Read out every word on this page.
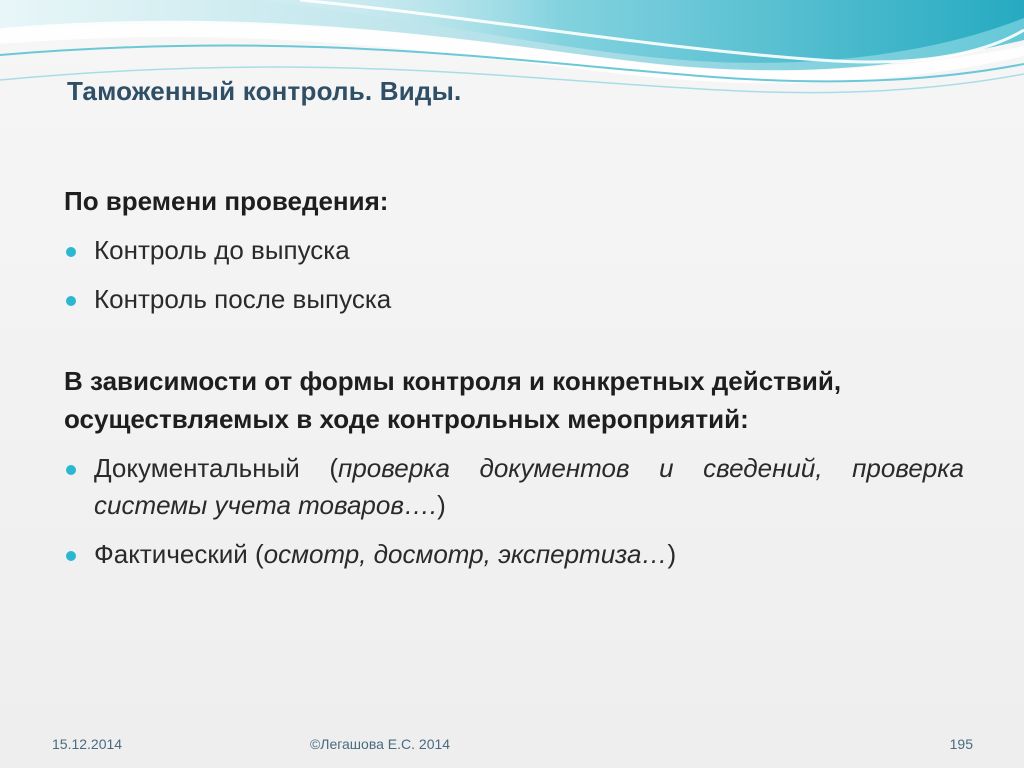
Таможенный контроль. Виды.
По времени проведения:
Контроль до выпуска
Контроль после выпуска
В зависимости от формы контроля и конкретных действий, осуществляемых в ходе контрольных мероприятий:
Документальный (проверка документов и сведений, проверка системы учета товаров….)
Фактический (осмотр, досмотр, экспертиза…)
15.12.2014	©Легашова Е.С. 2014	195
